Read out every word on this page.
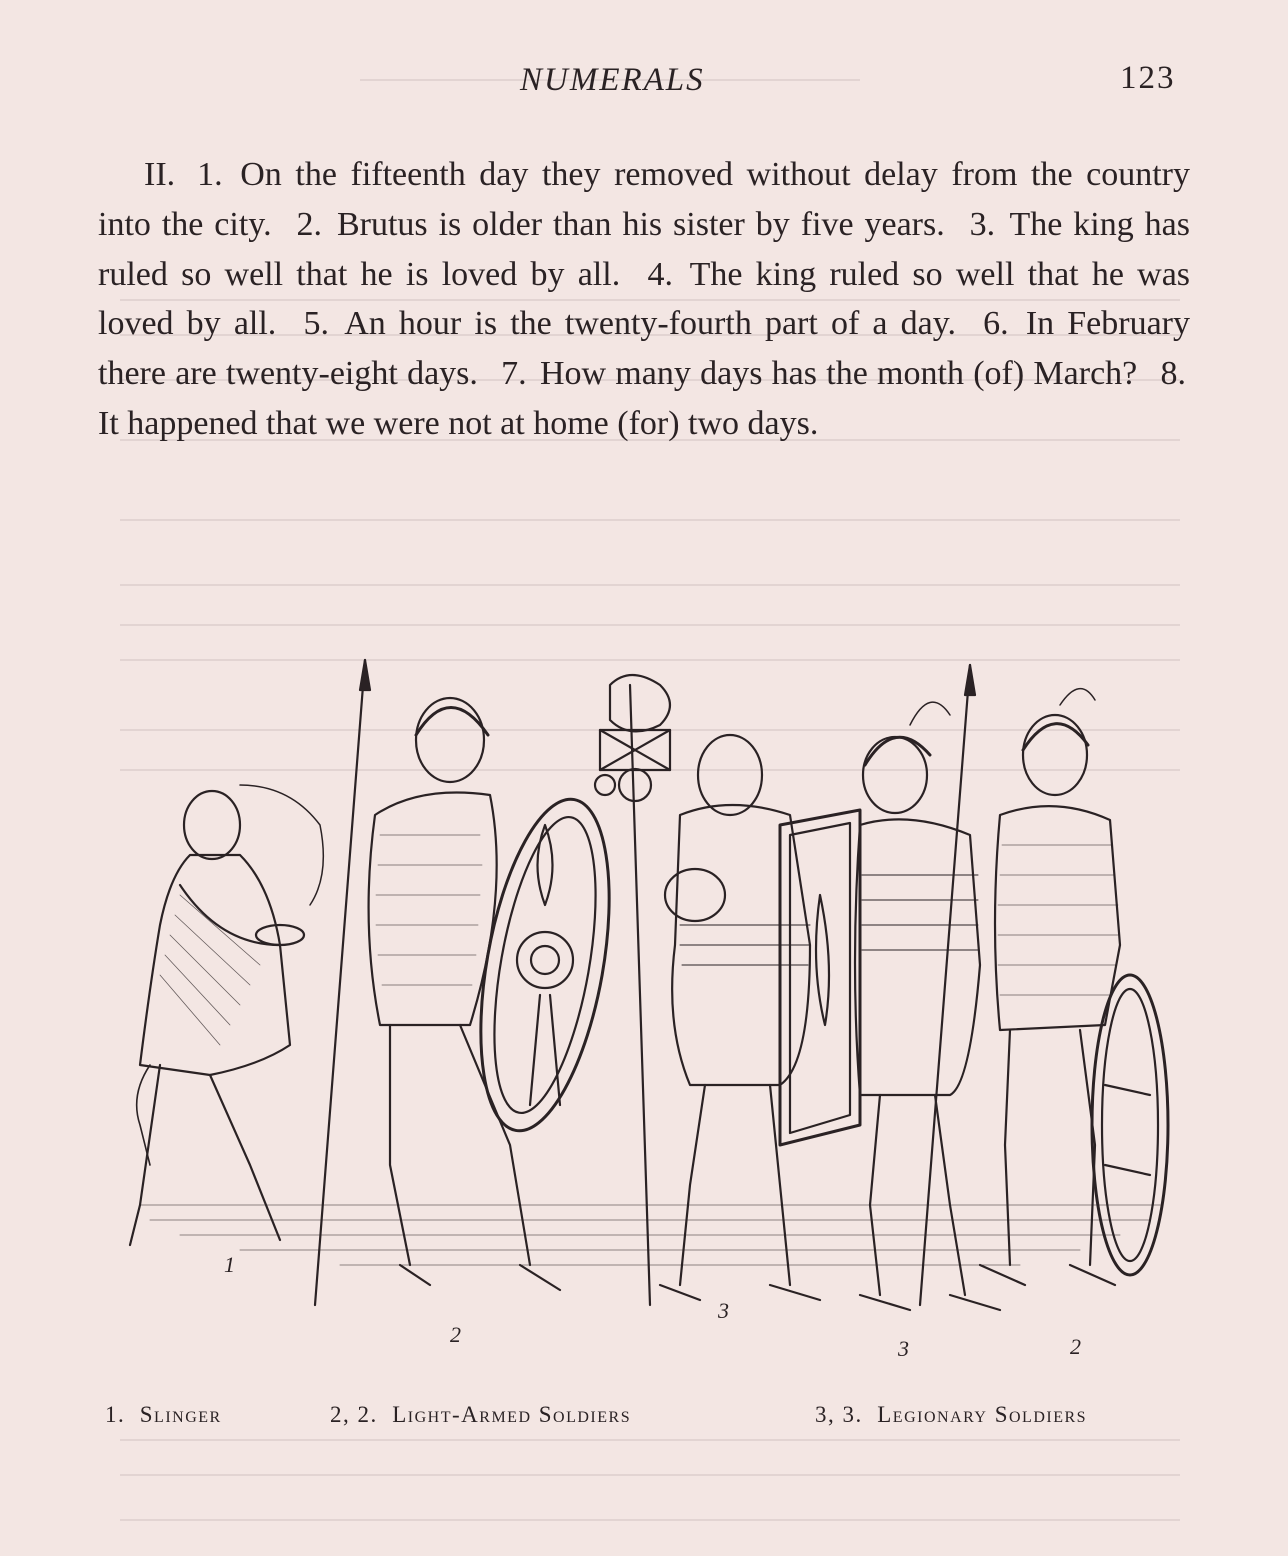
NUMERALS	123
II. 1. On the fifteenth day they removed without delay from the country into the city. 2. Brutus is older than his sister by five years. 3. The king has ruled so well that he is loved by all. 4. The king ruled so well that he was loved by all. 5. An hour is the twenty-fourth part of a day. 6. In February there are twenty-eight days. 7. How many days has the month (of) March? 8. It happened that we were not at home (for) two days.
1
2
3
3	2
1. Slinger	2, 2. Light-Armed Soldiers	3, 3. Legionary Soldiers
